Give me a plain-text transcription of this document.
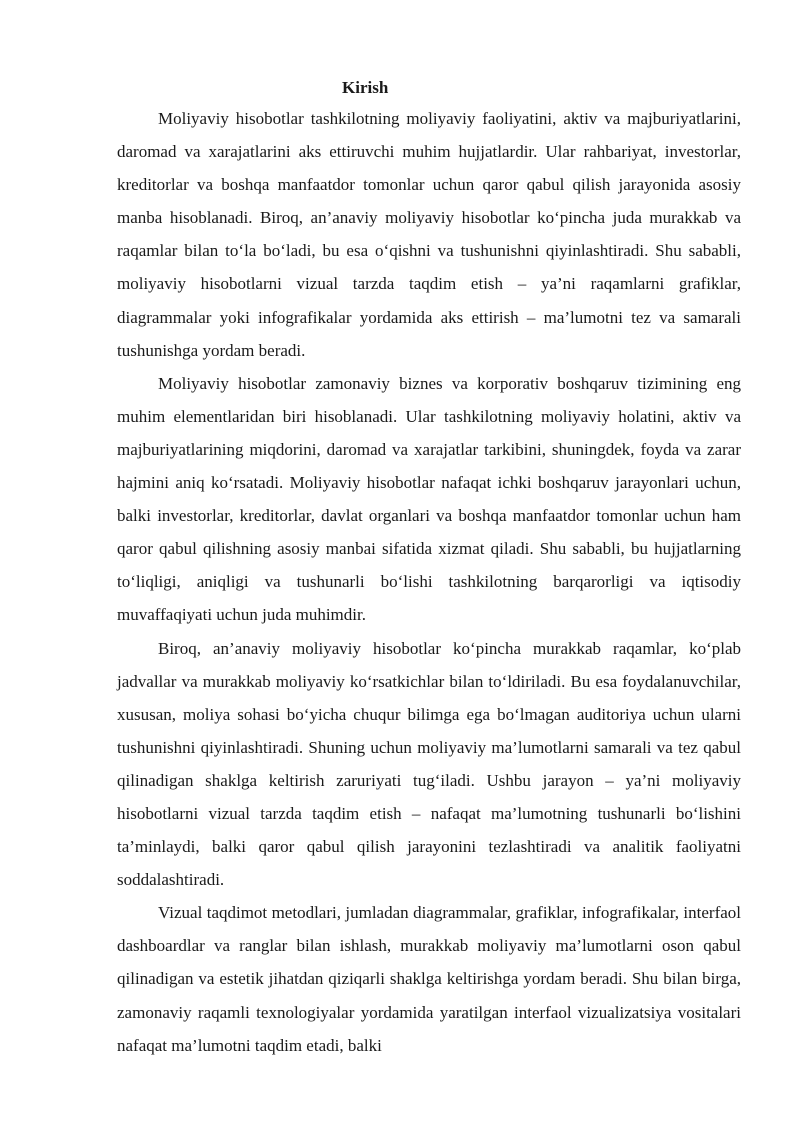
Kirish

Moliyaviy hisobotlar tashkilotning moliyaviy faoliyatini, aktiv va majburiyatlarini, daromad va xarajatlarini aks ettiruvchi muhim hujjatlardir. Ular rahbariyat, investorlar, kreditorlar va boshqa manfaatdor tomonlar uchun qaror qabul qilish jarayonida asosiy manba hisoblanadi. Biroq, an’anaviy moliyaviy hisobotlar ko‘pincha juda murakkab va raqamlar bilan to‘la bo‘ladi, bu esa o‘qishni va tushunishni qiyinlashtiradi. Shu sababli, moliyaviy hisobotlarni vizual tarzda taqdim etish – ya’ni raqamlarni grafiklar, diagrammalar yoki infografikalar yordamida aks ettirish – ma’lumotni tez va samarali tushunishga yordam beradi.

Moliyaviy hisobotlar zamonaviy biznes va korporativ boshqaruv tizimining eng muhim elementlaridan biri hisoblanadi. Ular tashkilotning moliyaviy holatini, aktiv va majburiyatlarining miqdorini, daromad va xarajatlar tarkibini, shuningdek, foyda va zarar hajmini aniq ko‘rsatadi. Moliyaviy hisobotlar nafaqat ichki boshqaruv jarayonlari uchun, balki investorlar, kreditorlar, davlat organlari va boshqa manfaatdor tomonlar uchun ham qaror qabul qilishning asosiy manbai sifatida xizmat qiladi. Shu sababli, bu hujjatlarning to‘liqligi, aniqligi va tushunarli bo‘lishi tashkilotning barqarorligi va iqtisodiy muvaffaqiyati uchun juda muhimdir.

Biroq, an’anaviy moliyaviy hisobotlar ko‘pincha murakkab raqamlar, ko‘plab jadvallar va murakkab moliyaviy ko‘rsatkichlar bilan to‘ldiriladi. Bu esa foydalanuvchilar, xususan, moliya sohasi bo‘yicha chuqur bilimga ega bo‘lmagan auditoriya uchun ularni tushunishni qiyinlashtiradi. Shuning uchun moliyaviy ma’lumotlarni samarali va tez qabul qilinadigan shaklga keltirish zaruriyati tug‘iladi. Ushbu jarayon – ya’ni moliyaviy hisobotlarni vizual tarzda taqdim etish – nafaqat ma’lumotning tushunarli bo‘lishini ta’minlaydi, balki qaror qabul qilish jarayonini tezlashtiradi va analitik faoliyatni soddalashtiradi.

Vizual taqdimot metodlari, jumladan diagrammalar, grafiklar, infografikalar, interfaol dashboardlar va ranglar bilan ishlash, murakkab moliyaviy ma’lumotlarni oson qabul qilinadigan va estetik jihatdan qiziqarli shaklga keltirishga yordam beradi. Shu bilan birga, zamonaviy raqamli texnologiyalar yordamida yaratilgan interfaol vizualizatsiya vositalari nafaqat ma’lumotni taqdim etadi, balki
